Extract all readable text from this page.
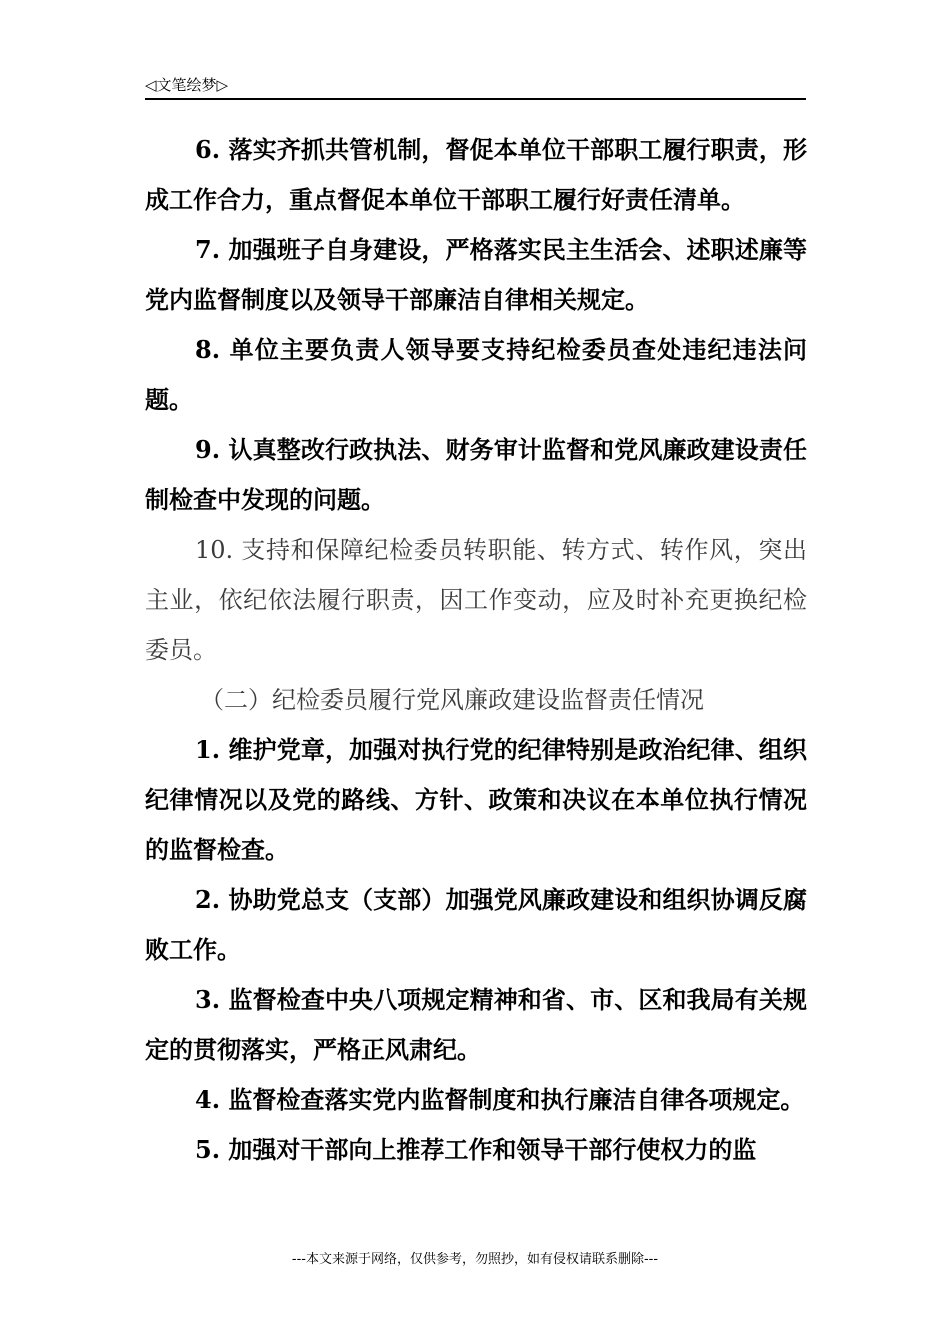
◁文笔绘梦▷

6. 落实齐抓共管机制，督促本单位干部职工履行职责，形成工作合力，重点督促本单位干部职工履行好责任清单。

7. 加强班子自身建设，严格落实民主生活会、述职述廉等党内监督制度以及领导干部廉洁自律相关规定。

8. 单位主要负责人领导要支持纪检委员查处违纪违法问题。

9. 认真整改行政执法、财务审计监督和党风廉政建设责任制检查中发现的问题。

10. 支持和保障纪检委员转职能、转方式、转作风，突出主业，依纪依法履行职责，因工作变动，应及时补充更换纪检委员。

（二）纪检委员履行党风廉政建设监督责任情况

1. 维护党章，加强对执行党的纪律特别是政治纪律、组织纪律情况以及党的路线、方针、政策和决议在本单位执行情况的监督检查。

2. 协助党总支（支部）加强党风廉政建设和组织协调反腐败工作。

3. 监督检查中央八项规定精神和省、市、区和我局有关规定的贯彻落实，严格正风肃纪。

4. 监督检查落实党内监督制度和执行廉洁自律各项规定。

5. 加强对干部向上推荐工作和领导干部行使权力的监

---本文来源于网络，仅供参考，勿照抄，如有侵权请联系删除---
